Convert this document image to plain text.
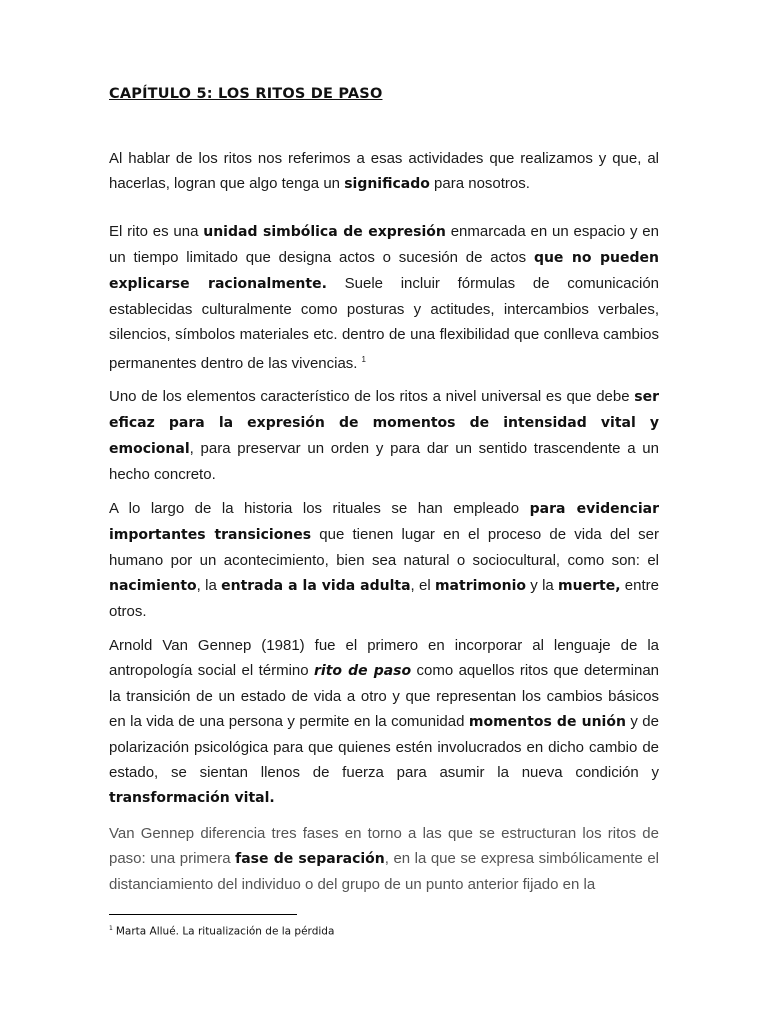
CAPÍTULO 5: LOS RITOS DE PASO

Al hablar de los ritos nos referimos a esas actividades que realizamos y que, al hacerlas, logran que algo tenga un significado para nosotros.

El rito es una unidad simbólica de expresión enmarcada en un espacio y en un tiempo limitado que designa actos o sucesión de actos que no pueden explicarse racionalmente. Suele incluir fórmulas de comunicación establecidas culturalmente como posturas y actitudes, intercambios verbales, silencios, símbolos materiales etc. dentro de una flexibilidad que conlleva cambios permanentes dentro de las vivencias. $^1$

Uno de los elementos característico de los ritos a nivel universal es que debe ser eficaz para la expresión de momentos de intensidad vital y emocional, para preservar un orden y para dar un sentido trascendente a un hecho concreto.

A lo largo de la historia los rituales se han empleado para evidenciar importantes transiciones que tienen lugar en el proceso de vida del ser humano por un acontecimiento, bien sea natural o sociocultural, como son: el nacimiento, la entrada a la vida adulta, el matrimonio y la muerte, entre otros.

Arnold Van Gennep (1981) fue el primero en incorporar al lenguaje de la antropología social el término rito de paso como aquellos ritos que determinan la transición de un estado de vida a otro y que representan los cambios básicos en la vida de una persona y permite en la comunidad momentos de unión y de polarización psicológica para que quienes estén involucrados en dicho cambio de estado, se sientan llenos de fuerza para asumir la nueva condición y transformación vital.

Van Gennep diferencia tres fases en torno a las que se estructuran los ritos de paso: una primera fase de separación, en la que se expresa simbólicamente el distanciamiento del individuo o del grupo de un punto anterior fijado en la

$^1$ Marta Allué. La ritualización de la pérdida
